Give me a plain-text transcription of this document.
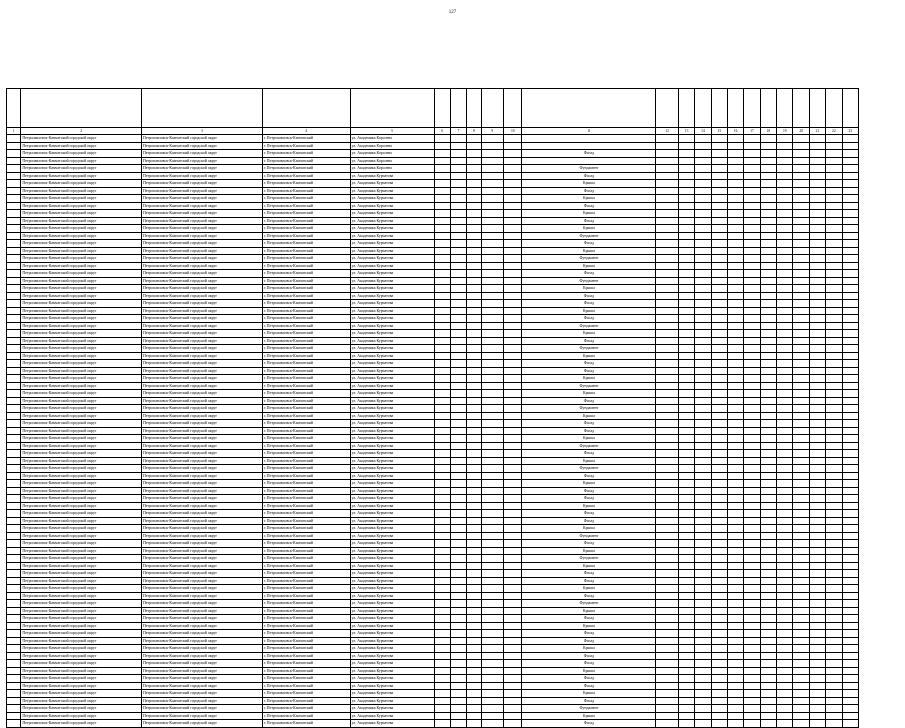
127

1	2	3	4	5	6	7	8	9	10	11	12	13	14	15	16	17	18	19	20	21	22	23
	Петропавловск-Камчатский городской округ	Петропавловск-Камчатский городской округ	г. Петропавловск-Камчатский	ул. Академика Королева																		
	Петропавловск-Камчатский городской округ	Петропавловск-Камчатский городской округ	г. Петропавловск-Камчатский	ул. Академика Королева																		
	Петропавловск-Камчатский городской округ	Петропавловск-Камчатский городской округ	г. Петропавловск-Камчатский	ул. Академика Королева						Фасад												
	Петропавловск-Камчатский городской округ	Петропавловск-Камчатский городской округ	г. Петропавловск-Камчатский	ул. Академика Королева																		
	Петропавловск-Камчатский городской округ	Петропавловск-Камчатский городской округ	г. Петропавловск-Камчатский	ул. Академика Королева						Фундамент												
	Петропавловск-Камчатский городской округ	Петропавловск-Камчатский городской округ	г. Петропавловск-Камчатский	ул. Академика Курчатова						Фасад												
	Петропавловск-Камчатский городской округ	Петропавловск-Камчатский городской округ	г. Петропавловск-Камчатский	ул. Академика Курчатова						Крыша												
	Петропавловск-Камчатский городской округ	Петропавловск-Камчатский городской округ	г. Петропавловск-Камчатский	ул. Академика Курчатова						Фасад												
	Петропавловск-Камчатский городской округ	Петропавловск-Камчатский городской округ	г. Петропавловск-Камчатский	ул. Академика Курчатова						Крыша												
	Петропавловск-Камчатский городской округ	Петропавловск-Камчатский городской округ	г. Петропавловск-Камчатский	ул. Академика Курчатова						Фасад												
	Петропавловск-Камчатский городской округ	Петропавловск-Камчатский городской округ	г. Петропавловск-Камчатский	ул. Академика Курчатова						Крыша												
	Петропавловск-Камчатский городской округ	Петропавловск-Камчатский городской округ	г. Петропавловск-Камчатский	ул. Академика Курчатова						Фасад												
	Петропавловск-Камчатский городской округ	Петропавловск-Камчатский городской округ	г. Петропавловск-Камчатский	ул. Академика Курчатова						Крыша												
	Петропавловск-Камчатский городской округ	Петропавловск-Камчатский городской округ	г. Петропавловск-Камчатский	ул. Академика Курчатова						Фундамент												
	Петропавловск-Камчатский городской округ	Петропавловск-Камчатский городской округ	г. Петропавловск-Камчатский	ул. Академика Курчатова						Фасад												
	Петропавловск-Камчатский городской округ	Петропавловск-Камчатский городской округ	г. Петропавловск-Камчатский	ул. Академика Курчатова						Крыша												
	Петропавловск-Камчатский городской округ	Петропавловск-Камчатский городской округ	г. Петропавловск-Камчатский	ул. Академика Курчатова						Фундамент												
	Петропавловск-Камчатский городской округ	Петропавловск-Камчатский городской округ	г. Петропавловск-Камчатский	ул. Академика Курчатова						Крыша												
	Петропавловск-Камчатский городской округ	Петропавловск-Камчатский городской округ	г. Петропавловск-Камчатский	ул. Академика Курчатова						Фасад												
	Петропавловск-Камчатский городской округ	Петропавловск-Камчатский городской округ	г. Петропавловск-Камчатский	ул. Академика Курчатова						Фундамент												
	Петропавловск-Камчатский городской округ	Петропавловск-Камчатский городской округ	г. Петропавловск-Камчатский	ул. Академика Курчатова						Крыша												
	Петропавловск-Камчатский городской округ	Петропавловск-Камчатский городской округ	г. Петропавловск-Камчатский	ул. Академика Курчатова						Фасад												
	Петропавловск-Камчатский городской округ	Петропавловск-Камчатский городской округ	г. Петропавловск-Камчатский	ул. Академика Курчатова						Фасад												
	Петропавловск-Камчатский городской округ	Петропавловск-Камчатский городской округ	г. Петропавловск-Камчатский	ул. Академика Курчатова						Крыша												
	Петропавловск-Камчатский городской округ	Петропавловск-Камчатский городской округ	г. Петропавловск-Камчатский	ул. Академика Курчатова						Фасад												
	Петропавловск-Камчатский городской округ	Петропавловск-Камчатский городской округ	г. Петропавловск-Камчатский	ул. Академика Курчатова						Фундамент												
	Петропавловск-Камчатский городской округ	Петропавловск-Камчатский городской округ	г. Петропавловск-Камчатский	ул. Академика Курчатова						Крыша												
	Петропавловск-Камчатский городской округ	Петропавловск-Камчатский городской округ	г. Петропавловск-Камчатский	ул. Академика Курчатова						Фасад												
	Петропавловск-Камчатский городской округ	Петропавловск-Камчатский городской округ	г. Петропавловск-Камчатский	ул. Академика Курчатова						Фундамент												
	Петропавловск-Камчатский городской округ	Петропавловск-Камчатский городской округ	г. Петропавловск-Камчатский	ул. Академика Курчатова						Крыша												
	Петропавловск-Камчатский городской округ	Петропавловск-Камчатский городской округ	г. Петропавловск-Камчатский	ул. Академика Курчатова						Фасад												
	Петропавловск-Камчатский городской округ	Петропавловск-Камчатский городской округ	г. Петропавловск-Камчатский	ул. Академика Курчатова						Фасад												
	Петропавловск-Камчатский городской округ	Петропавловск-Камчатский городской округ	г. Петропавловск-Камчатский	ул. Академика Курчатова						Крыша												
	Петропавловск-Камчатский городской округ	Петропавловск-Камчатский городской округ	г. Петропавловск-Камчатский	ул. Академика Курчатова						Фундамент												
	Петропавловск-Камчатский городской округ	Петропавловск-Камчатский городской округ	г. Петропавловск-Камчатский	ул. Академика Курчатова						Крыша												
	Петропавловск-Камчатский городской округ	Петропавловск-Камчатский городской округ	г. Петропавловск-Камчатский	ул. Академика Курчатова						Фасад												
	Петропавловск-Камчатский городской округ	Петропавловск-Камчатский городской округ	г. Петропавловск-Камчатский	ул. Академика Курчатова						Фундамент												
	Петропавловск-Камчатский городской округ	Петропавловск-Камчатский городской округ	г. Петропавловск-Камчатский	ул. Академика Курчатова						Крыша												
	Петропавловск-Камчатский городской округ	Петропавловск-Камчатский городской округ	г. Петропавловск-Камчатский	ул. Академика Курчатова						Фасад												
	Петропавловск-Камчатский городской округ	Петропавловск-Камчатский городской округ	г. Петропавловск-Камчатский	ул. Академика Курчатова						Фасад												
	Петропавловск-Камчатский городской округ	Петропавловск-Камчатский городской округ	г. Петропавловск-Камчатский	ул. Академика Курчатова						Крыша												
	Петропавловск-Камчатский городской округ	Петропавловск-Камчатский городской округ	г. Петропавловск-Камчатский	ул. Академика Курчатова						Фундамент												
	Петропавловск-Камчатский городской округ	Петропавловск-Камчатский городской округ	г. Петропавловск-Камчатский	ул. Академика Курчатова						Фасад												
	Петропавловск-Камчатский городской округ	Петропавловск-Камчатский городской округ	г. Петропавловск-Камчатский	ул. Академика Курчатова						Крыша												
	Петропавловск-Камчатский городской округ	Петропавловск-Камчатский городской округ	г. Петропавловск-Камчатский	ул. Академика Курчатова						Фундамент												
	Петропавловск-Камчатский городской округ	Петропавловск-Камчатский городской округ	г. Петропавловск-Камчатский	ул. Академика Курчатова						Фасад												
	Петропавловск-Камчатский городской округ	Петропавловск-Камчатский городской округ	г. Петропавловск-Камчатский	ул. Академика Курчатова						Крыша												
	Петропавловск-Камчатский городской округ	Петропавловск-Камчатский городской округ	г. Петропавловск-Камчатский	ул. Академика Курчатова						Фасад												
	Петропавловск-Камчатский городской округ	Петропавловск-Камчатский городской округ	г. Петропавловск-Камчатский	ул. Академика Курчатова						Фасад												
	Петропавловск-Камчатский городской округ	Петропавловск-Камчатский городской округ	г. Петропавловск-Камчатский	ул. Академика Курчатова						Крыша												
	Петропавловск-Камчатский городской округ	Петропавловск-Камчатский городской округ	г. Петропавловск-Камчатский	ул. Академика Курчатова						Фасад												
	Петропавловск-Камчатский городской округ	Петропавловск-Камчатский городской округ	г. Петропавловск-Камчатский	ул. Академика Курчатова						Фасад												
	Петропавловск-Камчатский городской округ	Петропавловск-Камчатский городской округ	г. Петропавловск-Камчатский	ул. Академика Курчатова						Крыша												
	Петропавловск-Камчатский городской округ	Петропавловск-Камчатский городской округ	г. Петропавловск-Камчатский	ул. Академика Курчатова						Фундамент												
	Петропавловск-Камчатский городской округ	Петропавловск-Камчатский городской округ	г. Петропавловск-Камчатский	ул. Академика Курчатова						Фасад												
	Петропавловск-Камчатский городской округ	Петропавловск-Камчатский городской округ	г. Петропавловск-Камчатский	ул. Академика Курчатова						Крыша												
	Петропавловск-Камчатский городской округ	Петропавловск-Камчатский городской округ	г. Петропавловск-Камчатский	ул. Академика Курчатова						Фундамент												
	Петропавловск-Камчатский городской округ	Петропавловск-Камчатский городской округ	г. Петропавловск-Камчатский	ул. Академика Курчатова						Крыша												
	Петропавловск-Камчатский городской округ	Петропавловск-Камчатский городской округ	г. Петропавловск-Камчатский	ул. Академика Курчатова						Фасад												
	Петропавловск-Камчатский городской округ	Петропавловск-Камчатский городской округ	г. Петропавловск-Камчатский	ул. Академика Курчатова						Фасад												
	Петропавловск-Камчатский городской округ	Петропавловск-Камчатский городской округ	г. Петропавловск-Камчатский	ул. Академика Курчатова						Крыша												
	Петропавловск-Камчатский городской округ	Петропавловск-Камчатский городской округ	г. Петропавловск-Камчатский	ул. Академика Курчатова						Фасад												
	Петропавловск-Камчатский городской округ	Петропавловск-Камчатский городской округ	г. Петропавловск-Камчатский	ул. Академика Курчатова						Фундамент												
	Петропавловск-Камчатский городской округ	Петропавловск-Камчатский городской округ	г. Петропавловск-Камчатский	ул. Академика Курчатова						Крыша												
	Петропавловск-Камчатский городской округ	Петропавловск-Камчатский городской округ	г. Петропавловск-Камчатский	ул. Академика Курчатова						Фасад												
	Петропавловск-Камчатский городской округ	Петропавловск-Камчатский городской округ	г. Петропавловск-Камчатский	ул. Академика Курчатова						Крыша												
	Петропавловск-Камчатский городской округ	Петропавловск-Камчатский городской округ	г. Петропавловск-Камчатский	ул. Академика Курчатова						Фасад												
	Петропавловск-Камчатский городской округ	Петропавловск-Камчатский городской округ	г. Петропавловск-Камчатский	ул. Академика Курчатова						Фасад												
	Петропавловск-Камчатский городской округ	Петропавловск-Камчатский городской округ	г. Петропавловск-Камчатский	ул. Академика Курчатова						Крыша												
	Петропавловск-Камчатский городской округ	Петропавловск-Камчатский городской округ	г. Петропавловск-Камчатский	ул. Академика Курчатова						Фасад												
	Петропавловск-Камчатский городской округ	Петропавловск-Камчатский городской округ	г. Петропавловск-Камчатский	ул. Академика Курчатова						Фасад												
	Петропавловск-Камчатский городской округ	Петропавловск-Камчатский городской округ	г. Петропавловск-Камчатский	ул. Академика Курчатова						Крыша												
	Петропавловск-Камчатский городской округ	Петропавловск-Камчатский городской округ	г. Петропавловск-Камчатский	ул. Академика Курчатова						Фасад												
	Петропавловск-Камчатский городской округ	Петропавловск-Камчатский городской округ	г. Петропавловск-Камчатский	ул. Академика Курчатова						Фасад												
	Петропавловск-Камчатский городской округ	Петропавловск-Камчатский городской округ	г. Петропавловск-Камчатский	ул. Академика Курчатова						Крыша												
	Петропавловск-Камчатский городской округ	Петропавловск-Камчатский городской округ	г. Петропавловск-Камчатский	ул. Академика Курчатова						Фасад												
	Петропавловск-Камчатский городской округ	Петропавловск-Камчатский городской округ	г. Петропавловск-Камчатский	ул. Академика Курчатова						Фундамент												
	Петропавловск-Камчатский городской округ	Петропавловск-Камчатский городской округ	г. Петропавловск-Камчатский	ул. Академика Курчатова						Крыша												
	Петропавловск-Камчатский городской округ	Петропавловск-Камчатский городской округ	г. Петропавловск-Камчатский	ул. Академика Курчатова						Фасад												
